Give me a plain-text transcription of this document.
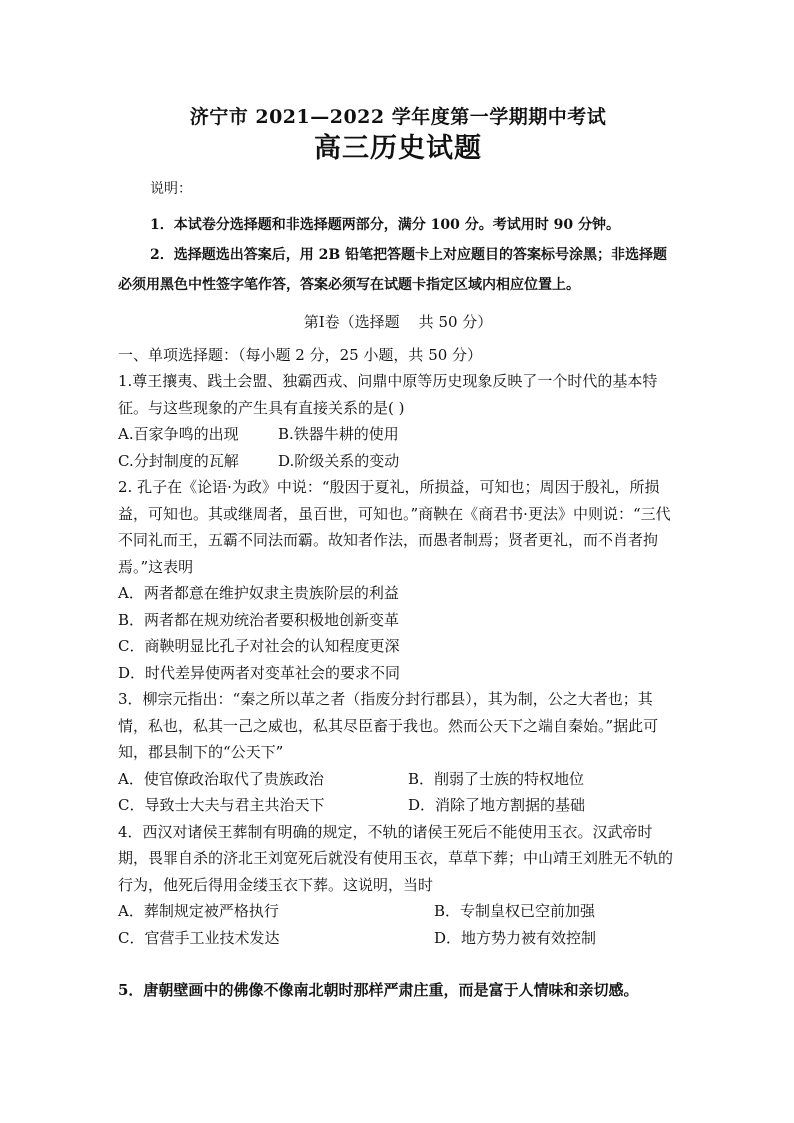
济宁市 2021—2022 学年度第一学期期中考试

高三历史试题

说明：

1．本试卷分选择题和非选择题两部分，满分 100 分。考试用时 90 分钟。

2．选择题选出答案后，用 2B 铅笔把答题卡上对应题目的答案标号涂黑；非选择题必须用黑色中性签字笔作答，答案必须写在试题卡指定区域内相应位置上。

第Ⅰ卷（选择题    共 50 分）

一、单项选择题：（每小题 2 分，25 小题，共 50 分）

1.尊王攘夷、践土会盟、独霸西戎、问鼎中原等历史现象反映了一个时代的基本特征。与这些现象的产生具有直接关系的是( )

A.百家争鸣的出现	B.铁器牛耕的使用
C.分封制度的瓦解	D.阶级关系的变动

2. 孔子在《论语·为政》中说：“殷因于夏礼，所损益，可知也；周因于殷礼，所损益，可知也。其或继周者，虽百世，可知也。”商鞅在《商君书·更法》中则说：“三代不同礼而王，五霸不同法而霸。故知者作法，而愚者制焉；贤者更礼，而不肖者拘焉。”这表明

A．两者都意在维护奴隶主贵族阶层的利益

B．两者都在规劝统治者要积极地创新变革

C．商鞅明显比孔子对社会的认知程度更深

D．时代差异使两者对变革社会的要求不同

3．柳宗元指出：“秦之所以革之者（指废分封行郡县），其为制，公之大者也；其情，私也，私其一己之威也，私其尽臣畜于我也。然而公天下之端自秦始。”据此可知，郡县制下的“公天下”

A．使官僚政治取代了贵族政治	B．削弱了士族的特权地位
C．导致士大夫与君主共治天下	D．消除了地方割据的基础

4．西汉对诸侯王葬制有明确的规定，不轨的诸侯王死后不能使用玉衣。汉武帝时期，畏罪自杀的济北王刘宽死后就没有使用玉衣，草草下葬；中山靖王刘胜无不轨的行为，他死后得用金缕玉衣下葬。这说明，当时

A．葬制规定被严格执行	B．专制皇权已空前加强
C．官营手工业技术发达	D．地方势力被有效控制

5．唐朝壁画中的佛像不像南北朝时那样严肃庄重，而是富于人情味和亲切感。
